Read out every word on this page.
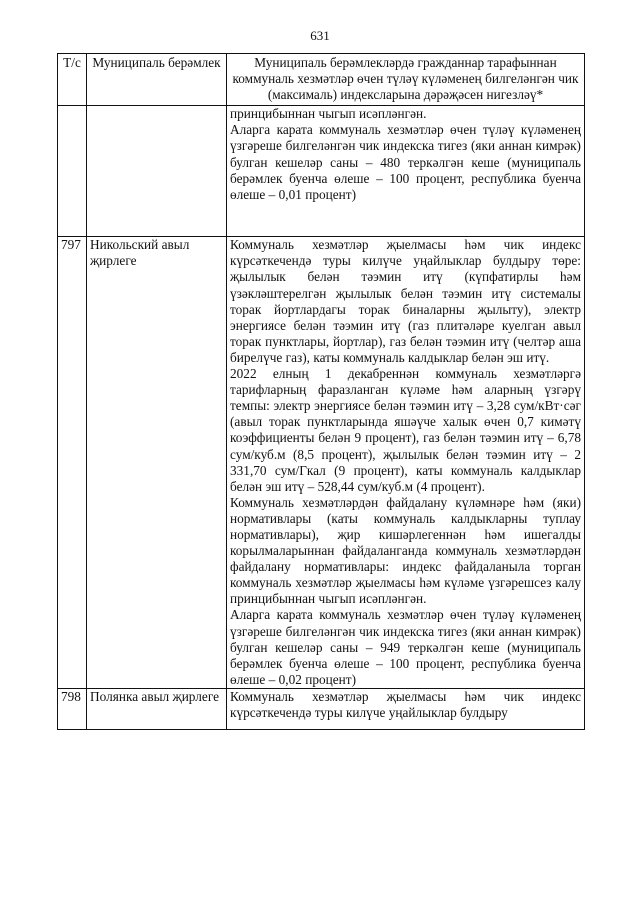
631
Т/с	Муниципаль берәмлек	Муниципаль берәмлекләрдә гражданнар тарафыннан коммуналь хезмәтләр өчен түләү күләменең билгеләнгән чик (максималь) индексларына дәрәҗәсен нигезләү*

		принцибыннан чыгып исәпләнгән.

Аларга карата коммуналь хезмәтләр өчен түләү күләменең үзгәреше билгеләнгән чик индекска тигез (яки аннан кимрәк) булган кешеләр саны – 480 теркәлгән кеше (муниципаль берәмлек буенча өлеше – 100 процент, республика буенча өлеше – 0,01 процент)

797	Никольский авыл җирлеге	Коммуналь хезмәтләр җыелмасы һәм чик индекс күрсәткечендә туры килүче уңайлыклар булдыру төре: җылылык белән тәэмин итү (күпфатирлы һәм үзәкләштерелгән җылылык белән тәэмин итү системалы торак йортлардагы торак биналарны җылыту), электр энергиясе белән тәэмин итү (газ плитәләре куелган авыл торак пунктлары, йортлар), газ белән тәэмин итү (челтәр аша бирелүче газ), каты коммуналь калдыклар белән эш итү.

2022 елның 1 декабреннән коммуналь хезмәтләргә тарифларның фаразланган күләме һәм аларның үзгәрү темпы: электр энергиясе белән тәэмин итү – 3,28 сум/кВт·сәг (авыл торак пунктларында яшәүче халык өчен 0,7 кимәтү коэффициенты белән 9 процент), газ белән тәэмин итү – 6,78 сум/куб.м (8,5 процент), җылылык белән тәэмин итү – 2 331,70 сум/Гкал (9 процент), каты коммуналь калдыклар белән эш итү – 528,44 сум/куб.м (4 процент).

Коммуналь хезмәтләрдән файдалану күләмнәре һәм (яки) нормативлары (каты коммуналь калдыкларны туплау нормативлары), җир кишәрлегеннән һәм ишегалды корылмаларыннан файдаланганда коммуналь хезмәтләрдән файдалану нормативлары: индекс файдаланыла торган коммуналь хезмәтләр җыелмасы һәм күләме үзгәрешсез калу принцибыннан чыгып исәпләнгән.

Аларга карата коммуналь хезмәтләр өчен түләү күләменең үзгәреше билгеләнгән чик индекска тигез (яки аннан кимрәк) булган кешеләр саны – 949 теркәлгән кеше (муниципаль берәмлек буенча өлеше – 100 процент, республика буенча өлеше – 0,02 процент)

798	Полянка авыл җирлеге	Коммуналь хезмәтләр җыелмасы һәм чик индекс күрсәткечендә туры килүче уңайлыклар булдыру
